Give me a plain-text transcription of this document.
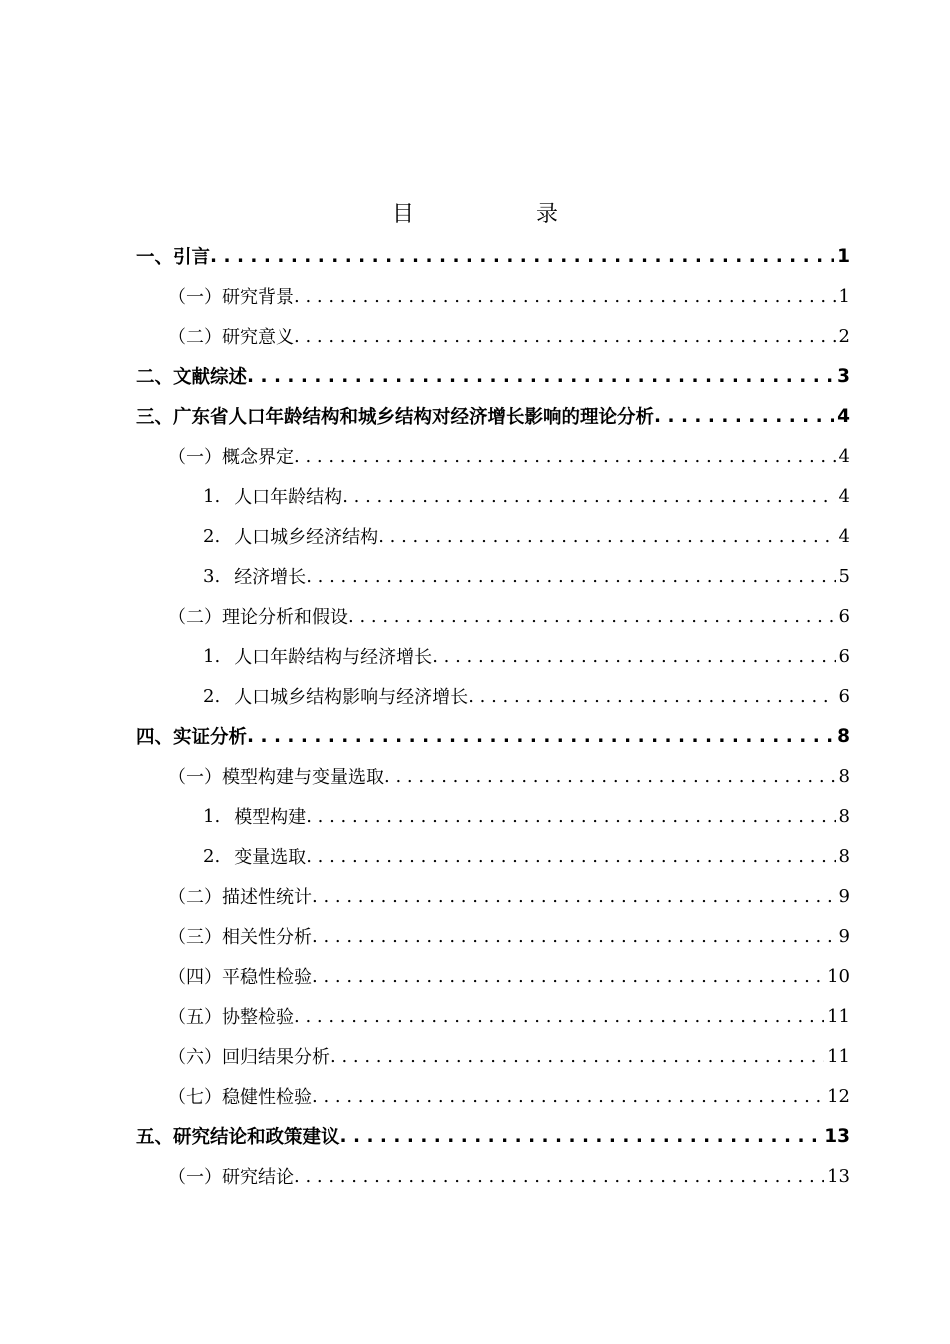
目　录
一、引言 . . .	1
（一）研究背景 . . .	1
（二）研究意义 . . .	2
二、文献综述 . . .	3
三、广东省人口年龄结构和城乡结构对经济增长影响的理论分析 . . .	4
（一）概念界定 . . .	4
1. 人口年龄结构 . . .	4
2. 人口城乡经济结构 . . .	4
3. 经济增长 . . .	5
（二）理论分析和假设 . . .	6
1. 人口年龄结构与经济增长 . . .	6
2. 人口城乡结构影响与经济增长 . . .	6
四、实证分析 . . .	8
（一）模型构建与变量选取 . . .	8
1. 模型构建 . . .	8
2. 变量选取 . . .	8
（二）描述性统计 . . .	9
（三）相关性分析 . . .	9
（四）平稳性检验 . . .	10
（五）协整检验 . . .	11
（六）回归结果分析 . . .	11
（七）稳健性检验 . . .	12
五、研究结论和政策建议 . . .	13
（一）研究结论 . . .	13
